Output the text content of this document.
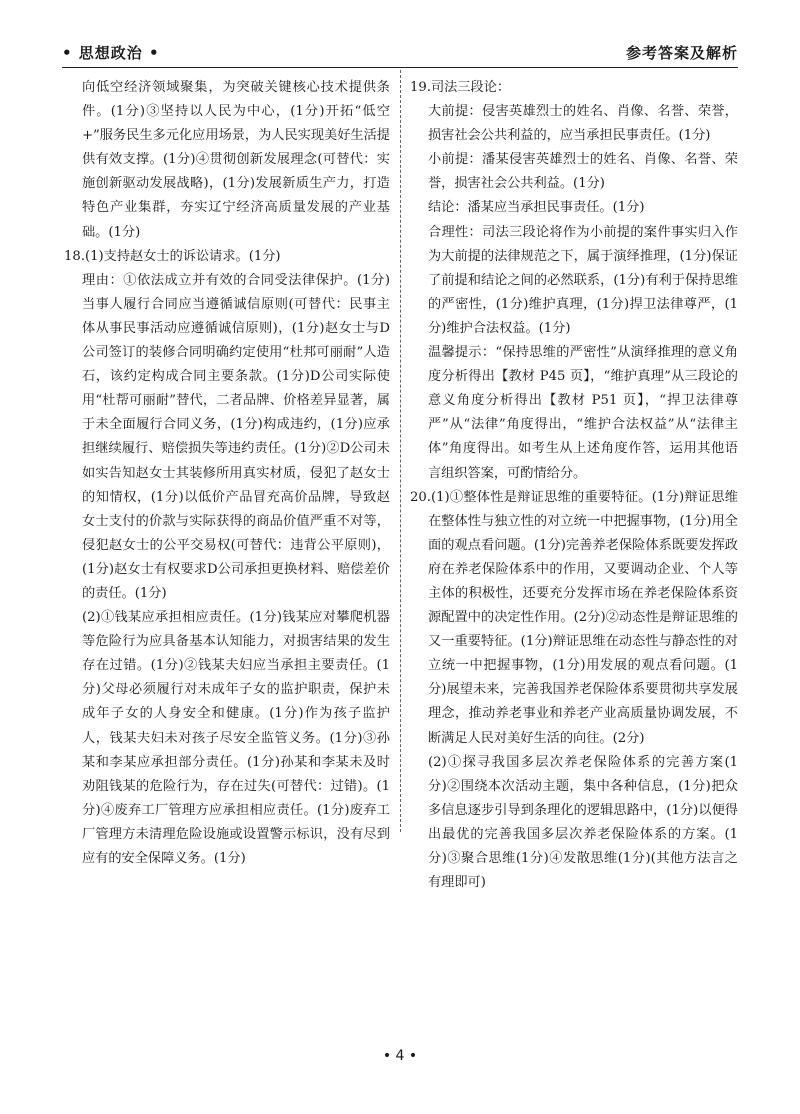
• 思想政治 •	参考答案及解析

向低空经济领域聚集，为突破关键核心技术提供条件。(1分)③坚持以人民为中心，(1分)开拓“低空+”服务民生多元化应用场景，为人民实现美好生活提供有效支撑。(1分)④贯彻创新发展理念(可替代：实施创新驱动发展战略)，(1分)发展新质生产力，打造特色产业集群，夯实辽宁经济高质量发展的产业基础。(1分)

18.(1)支持赵女士的诉讼请求。(1分)

理由：①依法成立并有效的合同受法律保护。(1分)当事人履行合同应当遵循诚信原则(可替代：民事主体从事民事活动应遵循诚信原则)，(1分)赵女士与D公司签订的装修合同明确约定使用“杜邦可丽耐”人造石，该约定构成合同主要条款。(1分)D公司实际使用“杜帮可丽耐”替代，二者品牌、价格差异显著，属于未全面履行合同义务，(1分)构成违约，(1分)应承担继续履行、赔偿损失等违约责任。(1分)②D公司未如实告知赵女士其装修所用真实材质，侵犯了赵女士的知情权，(1分)以低价产品冒充高价品牌，导致赵女士支付的价款与实际获得的商品价值严重不对等，侵犯赵女士的公平交易权(可替代：违背公平原则)，(1分)赵女士有权要求D公司承担更换材料、赔偿差价的责任。(1分)

(2)①钱某应承担相应责任。(1分)钱某应对攀爬机器等危险行为应具备基本认知能力，对损害结果的发生存在过错。(1分)②钱某夫妇应当承担主要责任。(1分)父母必须履行对未成年子女的监护职责，保护未成年子女的人身安全和健康。(1分)作为孩子监护人，钱某夫妇未对孩子尽安全监管义务。(1分)③孙某和李某应承担部分责任。(1分)孙某和李某未及时劝阻钱某的危险行为，存在过失(可替代：过错)。(1分)④废弃工厂管理方应承担相应责任。(1分)废弃工厂管理方未清理危险设施或设置警示标识，没有尽到应有的安全保障义务。(1分)

19.司法三段论：

大前提：侵害英雄烈士的姓名、肖像、名誉、荣誉，损害社会公共利益的，应当承担民事责任。(1分)

小前提：潘某侵害英雄烈士的姓名、肖像、名誉、荣誉，损害社会公共利益。(1分)

结论：潘某应当承担民事责任。(1分)

合理性：司法三段论将作为小前提的案件事实归入作为大前提的法律规范之下，属于演绎推理，(1分)保证了前提和结论之间的必然联系，(1分)有利于保持思维的严密性，(1分)维护真理，(1分)捍卫法律尊严，(1分)维护合法权益。(1分)

温馨提示：“保持思维的严密性”从演绎推理的意义角度分析得出【教材 P45 页】，“维护真理”从三段论的意义角度分析得出【教材 P51 页】，“捍卫法律尊严”从“法律”角度得出，“维护合法权益”从“法律主体”角度得出。如考生从上述角度作答，运用其他语言组织答案，可酌情给分。

20.(1)①整体性是辩证思维的重要特征。(1分)辩证思维在整体性与独立性的对立统一中把握事物，(1分)用全面的观点看问题。(1分)完善养老保险体系既要发挥政府在养老保险体系中的作用，又要调动企业、个人等主体的积极性，还要充分发挥市场在养老保险体系资源配置中的决定性作用。(2分)②动态性是辩证思维的又一重要特征。(1分)辩证思维在动态性与静态性的对立统一中把握事物，(1分)用发展的观点看问题。(1分)展望未来，完善我国养老保险体系要贯彻共享发展理念，推动养老事业和养老产业高质量协调发展，不断满足人民对美好生活的向往。(2分)

(2)①探寻我国多层次养老保险体系的完善方案(1分)②围绕本次活动主题，集中各种信息，(1分)把众多信息逐步引导到条理化的逻辑思路中，(1分)以便得出最优的完善我国多层次养老保险体系的方案。(1分)③聚合思维(1分)④发散思维(1分)(其他方法言之有理即可)

• 4 •
